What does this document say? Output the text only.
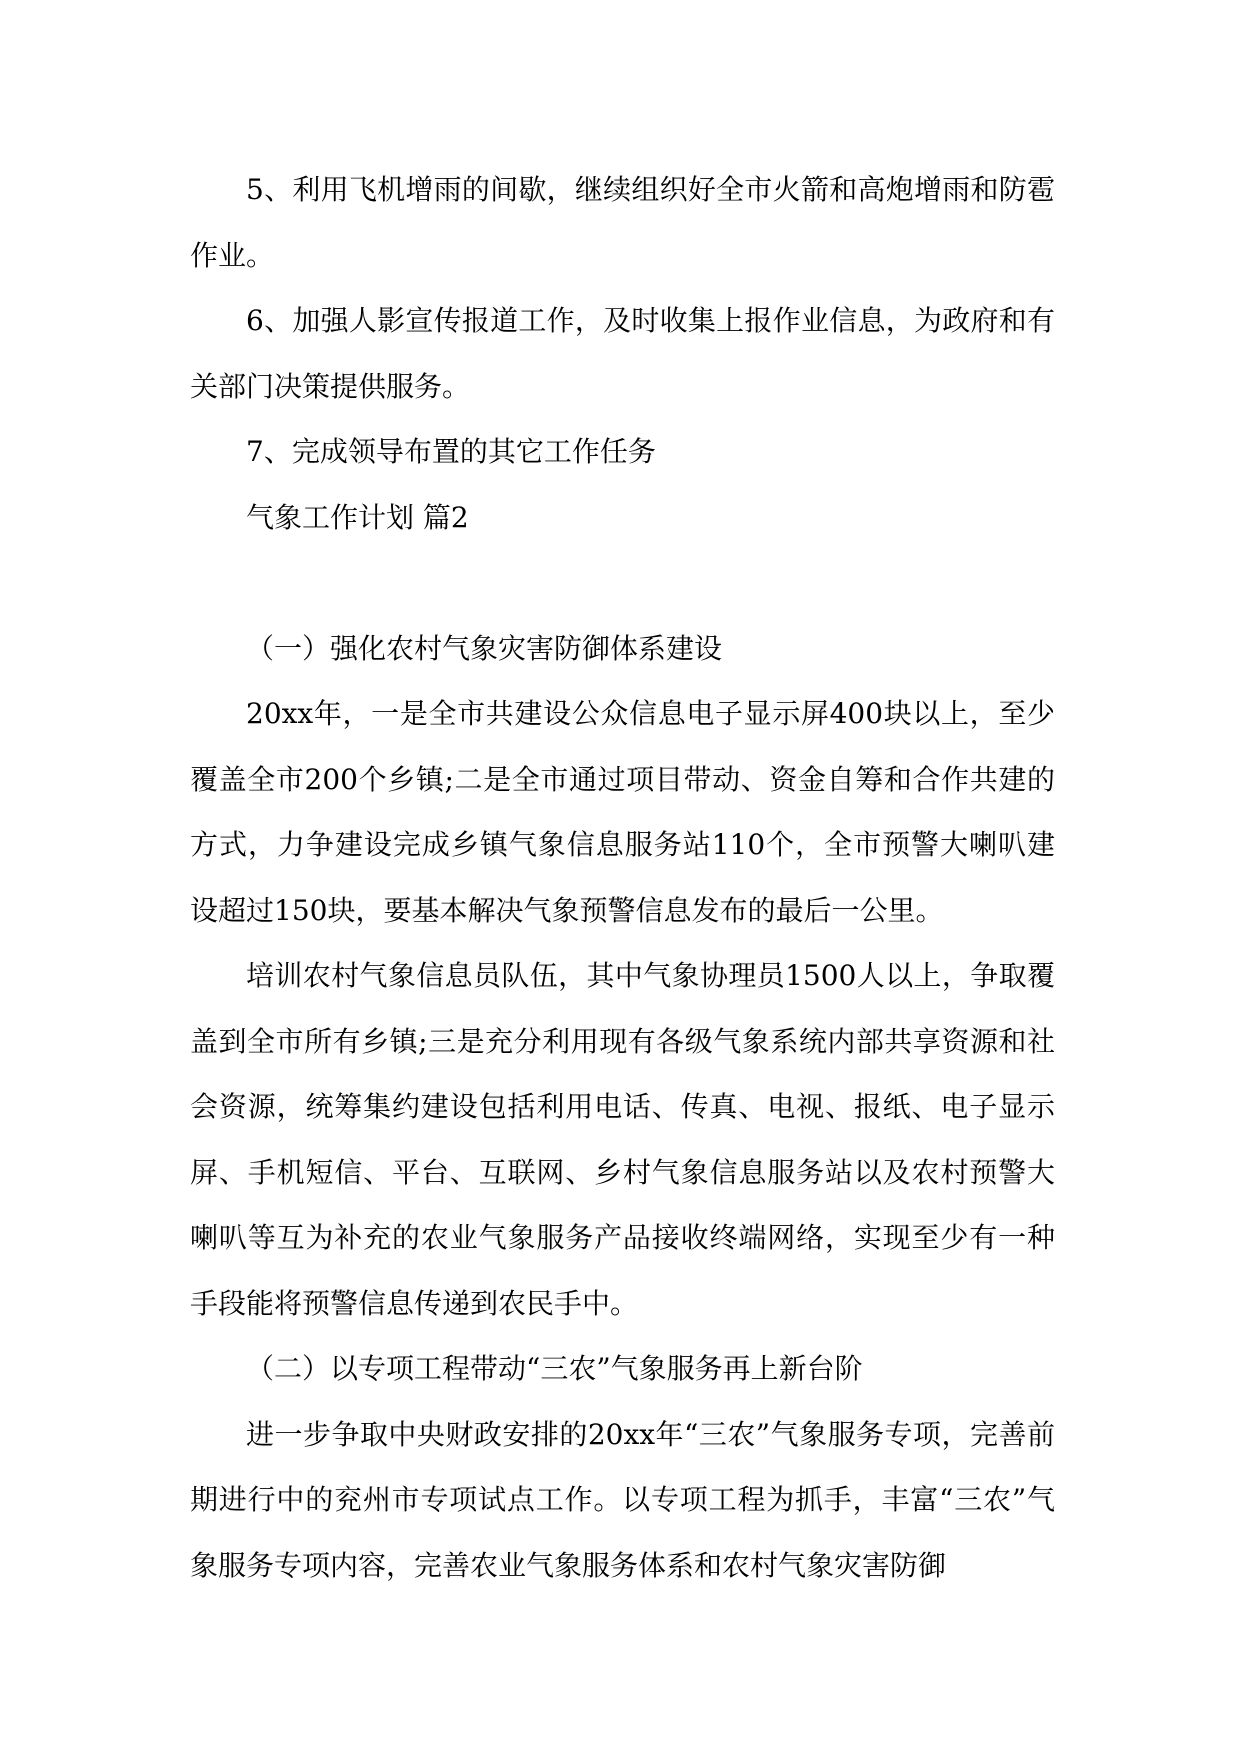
5、利用飞机增雨的间歇，继续组织好全市火箭和高炮增雨和防雹作业。

6、加强人影宣传报道工作，及时收集上报作业信息，为政府和有关部门决策提供服务。

7、完成领导布置的其它工作任务

气象工作计划 篇2

（一）强化农村气象灾害防御体系建设

20xx年，一是全市共建设公众信息电子显示屏400块以上，至少覆盖全市200个乡镇;二是全市通过项目带动、资金自筹和合作共建的方式，力争建设完成乡镇气象信息服务站110个，全市预警大喇叭建设超过150块，要基本解决气象预警信息发布的最后一公里。

培训农村气象信息员队伍，其中气象协理员1500人以上，争取覆盖到全市所有乡镇;三是充分利用现有各级气象系统内部共享资源和社会资源，统筹集约建设包括利用电话、传真、电视、报纸、电子显示屏、手机短信、平台、互联网、乡村气象信息服务站以及农村预警大喇叭等互为补充的农业气象服务产品接收终端网络，实现至少有一种手段能将预警信息传递到农民手中。

（二）以专项工程带动“三农”气象服务再上新台阶

进一步争取中央财政安排的20xx年“三农”气象服务专项，完善前期进行中的兖州市专项试点工作。以专项工程为抓手，丰富“三农”气象服务专项内容，完善农业气象服务体系和农村气象灾害防御
